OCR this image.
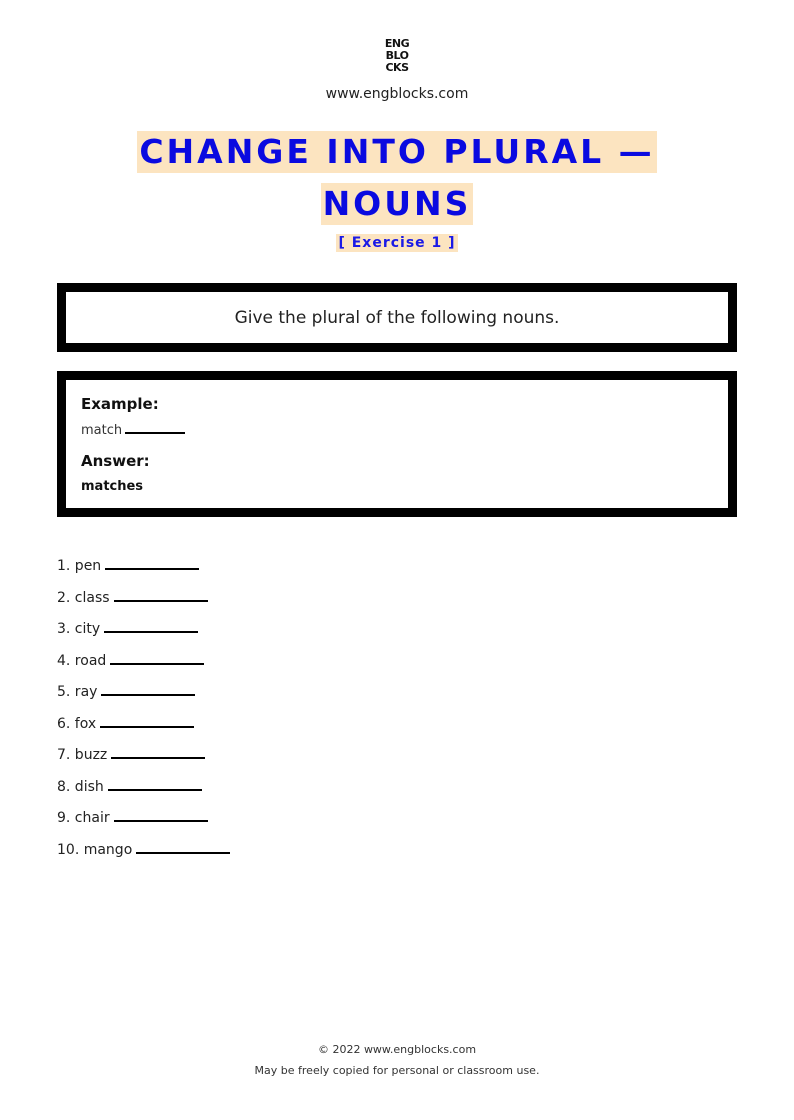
ENG
BLO
CKS
www.engblocks.com
CHANGE INTO PLURAL —
NOUNS
[ Exercise 1 ]
Give the plural of the following nouns.
Example:
match
Answer:
matches
1. pen
2. class
3. city
4. road
5. ray
6. fox
7. buzz
8. dish
9. chair
10. mango
© 2022 www.engblocks.com
May be freely copied for personal or classroom use.
